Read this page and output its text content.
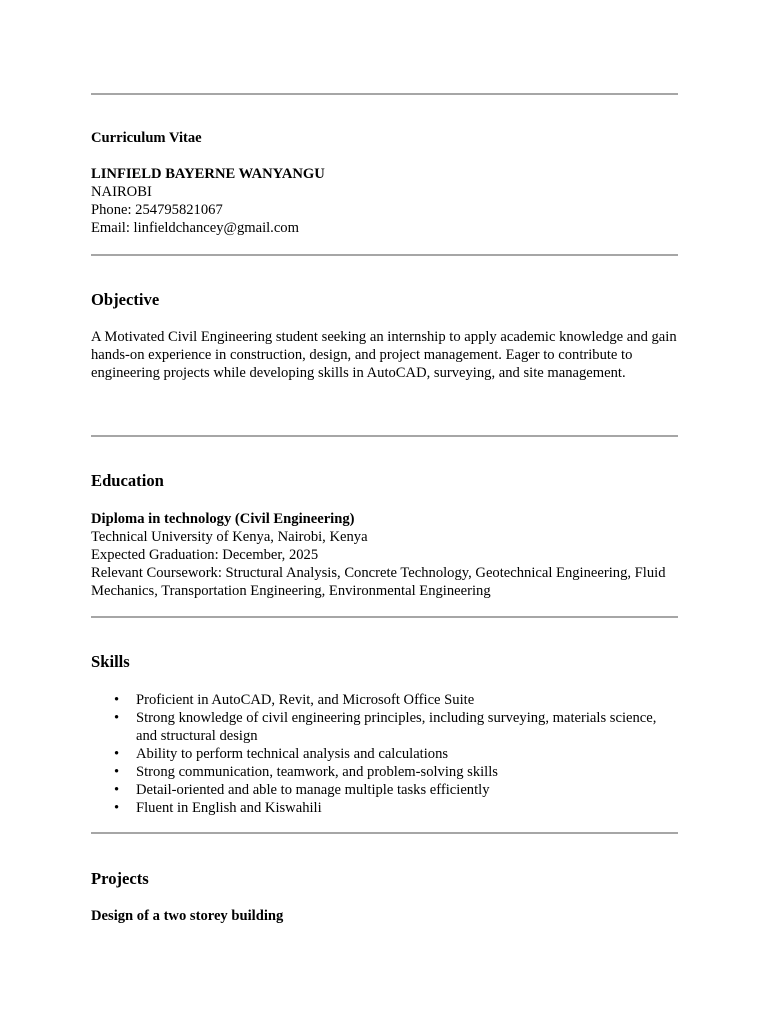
Curriculum Vitae
LINFIELD BAYERNE WANYANGU
NAIROBI
Phone: 254795821067
Email: linfieldchancey@gmail.com
Objective
A Motivated Civil Engineering student seeking an internship to apply academic knowledge and gain hands-on experience in construction, design, and project management. Eager to contribute to engineering projects while developing skills in AutoCAD, surveying, and site management.
Education
Diploma in technology (Civil Engineering)
Technical University of Kenya, Nairobi, Kenya
Expected Graduation: December, 2025
Relevant Coursework: Structural Analysis, Concrete Technology, Geotechnical Engineering, Fluid Mechanics, Transportation Engineering, Environmental Engineering
Skills
• Proficient in AutoCAD, Revit, and Microsoft Office Suite
• Strong knowledge of civil engineering principles, including surveying, materials science, and structural design
• Ability to perform technical analysis and calculations
• Strong communication, teamwork, and problem-solving skills
• Detail-oriented and able to manage multiple tasks efficiently
• Fluent in English and Kiswahili
Projects
Design of a two storey building
